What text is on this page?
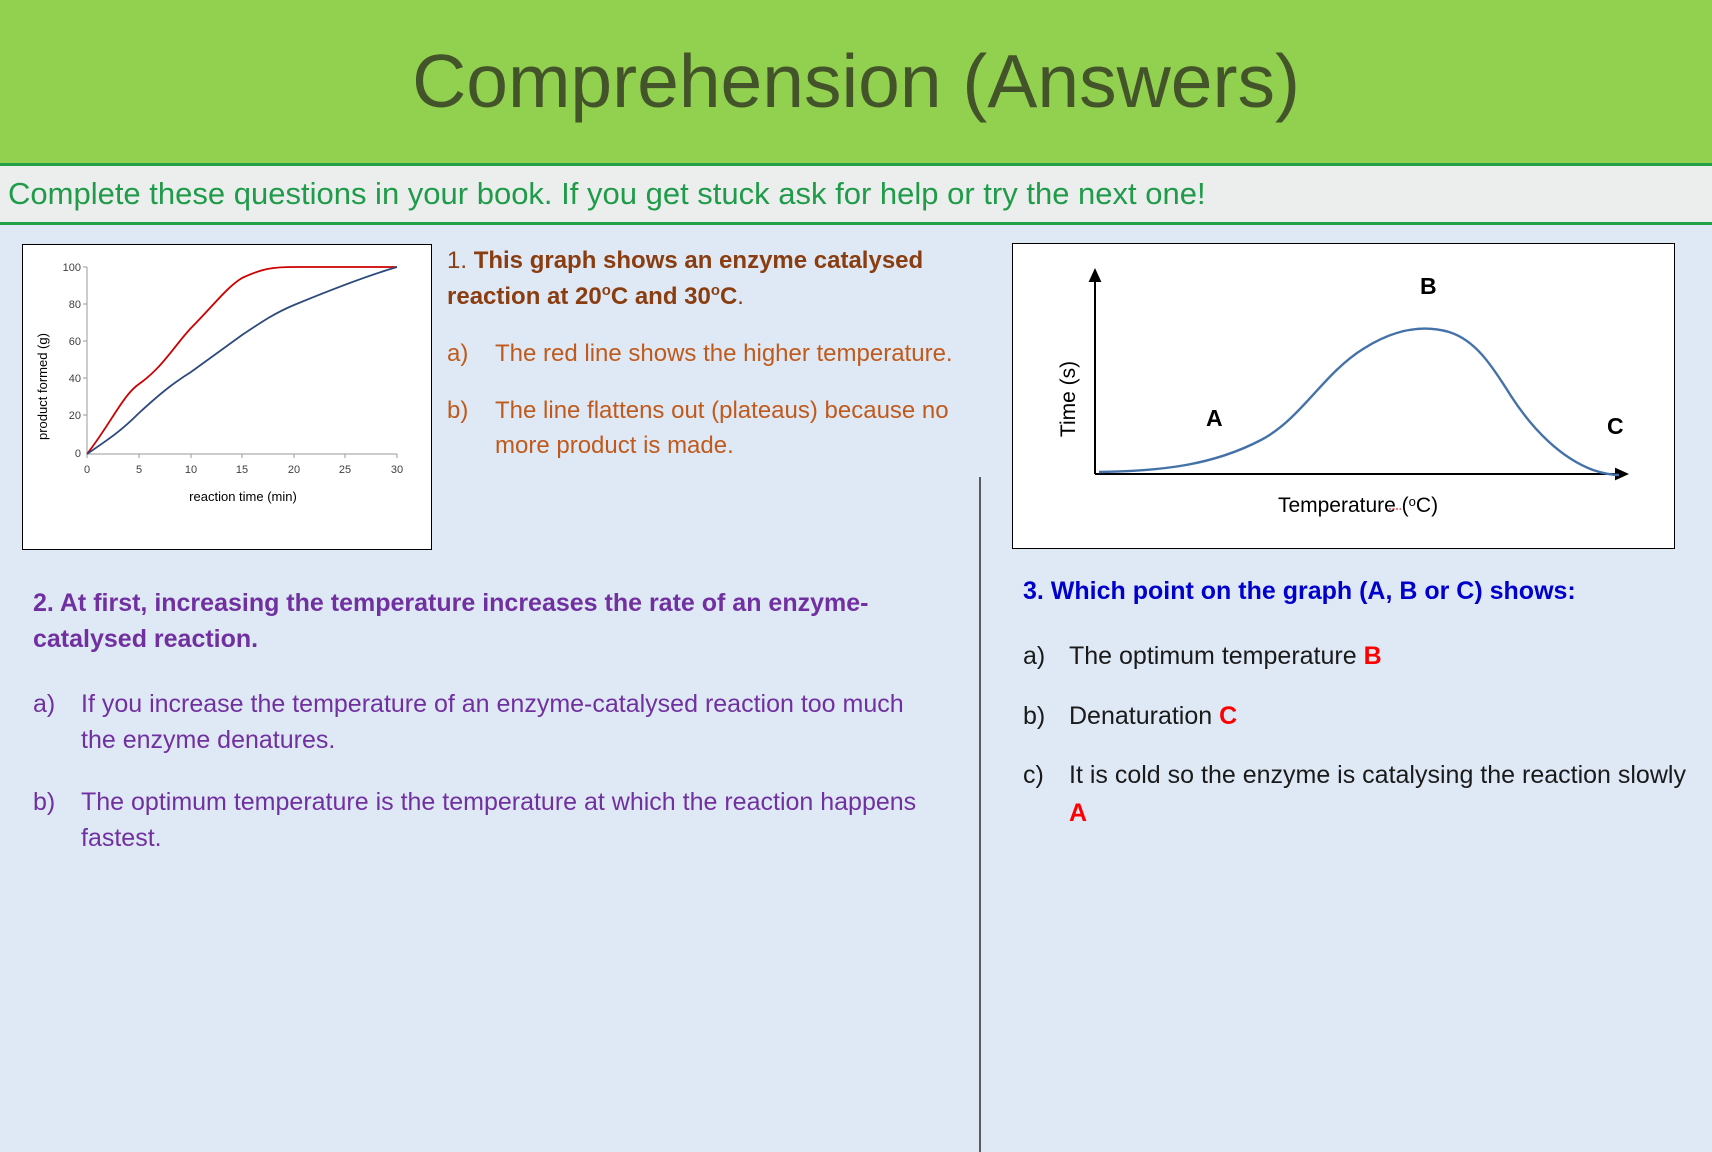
Comprehension (Answers)
Complete these questions in your book. If you get stuck ask for help or try the next one!
product formed (g)
100
80
60
40
20
0
0	5	10	15	20	25	30
reaction time (min)
1. This graph shows an enzyme catalysed reaction at 20$^o$C and 30$^o$C.
a)	The red line shows the higher temperature.
b)	The line flattens out (plateaus) because no more product is made.
2. At first, increasing the temperature increases the rate of an enzyme-catalysed reaction.
a)	If you increase the temperature of an enzyme-catalysed reaction too much the enzyme denatures.
b)	The optimum temperature is the temperature at which the reaction happens fastest.
A
B
C
Time (s)
Temperature ($^o$C)
3. Which point on the graph (A, B or C) shows:
a) The optimum temperature B
b) Denaturation C
c)	It is cold so the enzyme is catalysing the reaction slowly A
